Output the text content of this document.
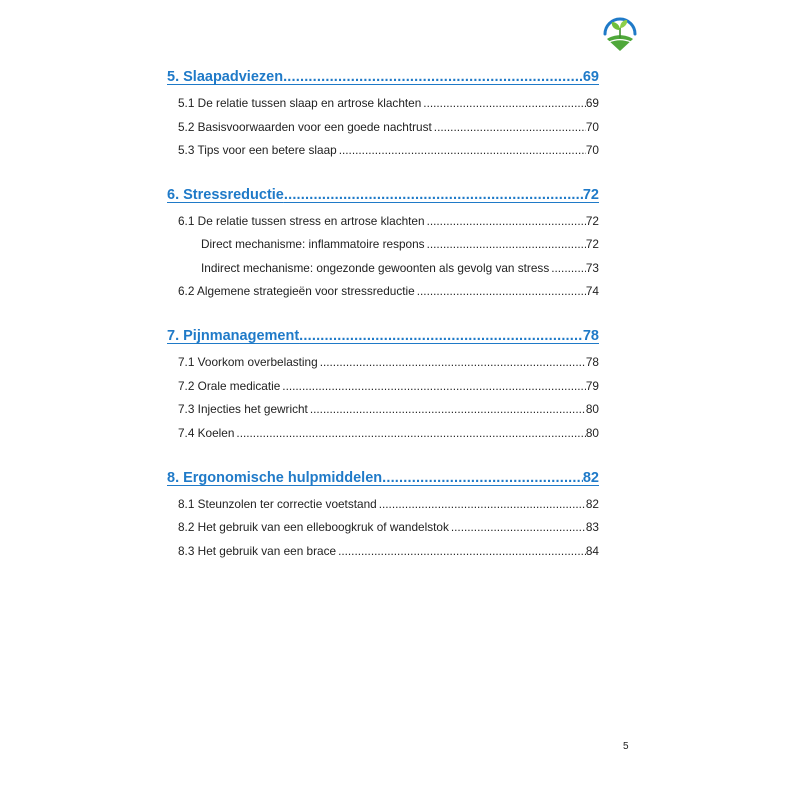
5. Slaapadviezen .....	69
5.1 De relatie tussen slaap en artrose klachten .....	69
5.2 Basisvoorwaarden voor een goede nachtrust .....	70
5.3 Tips voor een betere slaap .....	70
6. Stressreductie .....	72
6.1 De relatie tussen stress en artrose klachten .....	72
Direct mechanisme: inflammatoire respons .....	72
Indirect mechanisme: ongezonde gewoonten als gevolg van stress .....	73
6.2 Algemene strategieën voor stressreductie .....	74
7. Pijnmanagement .....	78
7.1 Voorkom overbelasting .....	78
7.2 Orale medicatie .....	79
7.3 Injecties het gewricht .....	80
7.4 Koelen .....	80
8. Ergonomische hulpmiddelen .....	82
8.1 Steunzolen ter correctie voetstand .....	82
8.2 Het gebruik van een elleboogkruk of wandelstok .....	83
8.3 Het gebruik van een brace .....	84
5
